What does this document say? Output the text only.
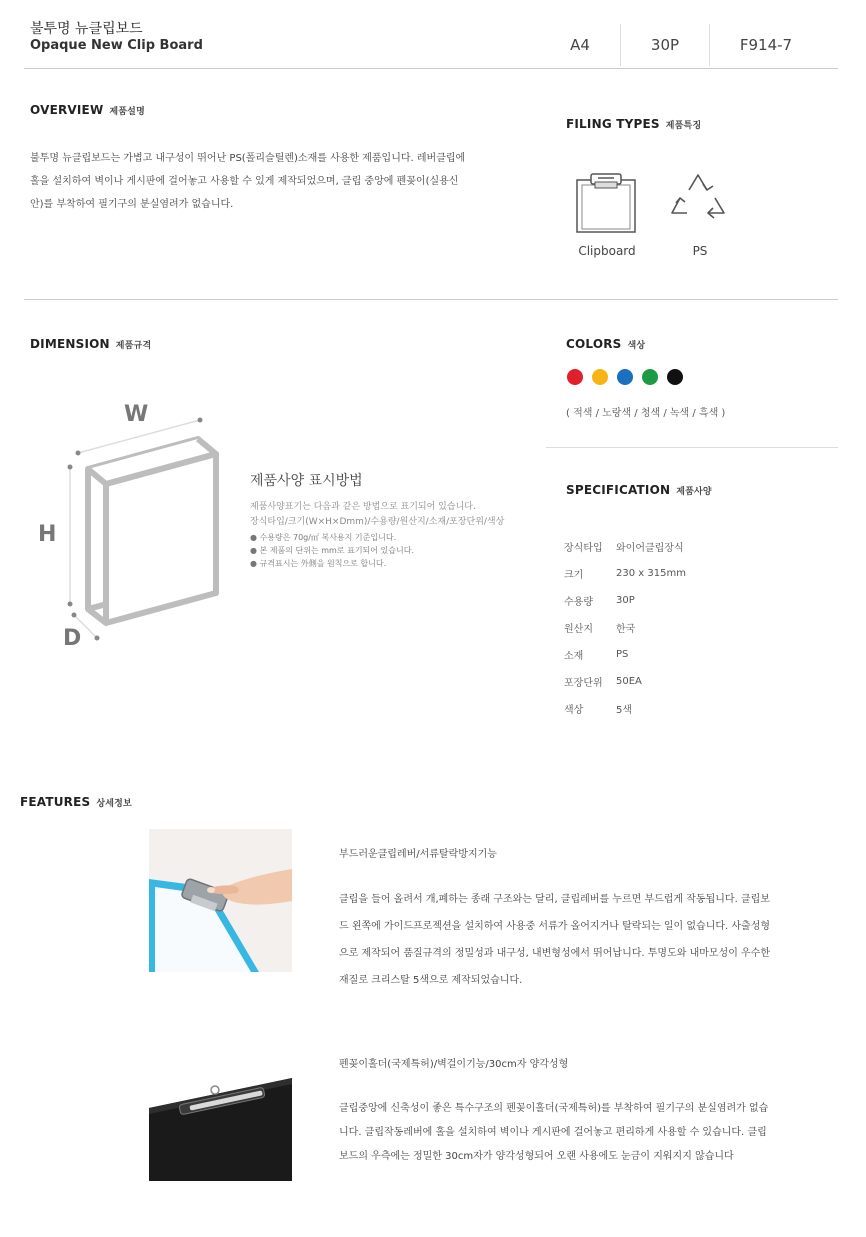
불투명 뉴클립보드
Opaque New Clip Board	A4	30P	F914-7
OVERVIEW 제품설명
불투명 뉴클립보드는 가볍고 내구성이 뛰어난 PS(폴리슬틸렌)소재를 사용한 제품입니다. 레버클립에
홀을 설치하여 벽이나 게시판에 걸어놓고 사용할 수 있게 제작되었으며, 클립 중앙에 펜꽂이(실용신
안)를 부착하여 필기구의 분실염려가 없습니다.
FILING TYPES 제품특징
Clipboard	PS
DIMENSION 제품규격
W
H
D
제품사양 표시방법
제품사양표기는 다음과 같은 방법으로 표기되어 있습니다.
장식타입/크기(W×H×Dmm)/수용량/원산지/소재/포장단위/색상
● 수용량은 70g/㎡ 복사용지 기준입니다.
● 본 제품의 단위는 mm로 표기되어 있습니다.
● 규격표시는 外側을 원칙으로 합니다.
COLORS 색상
( 적색 / 노랑색 / 청색 / 녹색 / 흑색 )
SPECIFICATION 제품사양
장식타입	와이어클립장식
크기	230 x 315mm
수용량	30P
원산지	한국
소재	PS
포장단위	50EA
색상	5색
FEATURES 상세정보
부드러운클립레버/서류탈락방지기능
클립을 들어 올려서 개,폐하는 종래 구조와는 달리, 클립레버를 누르면 부드럽게 작동됩니다. 클립보
드 왼쪽에 가이드프로젝션을 설치하여 사용중 서류가 올어지거나 탈락되는 일이 없습니다. 사출성형
으로 제작되어 품질규격의 정밀성과 내구성, 내변형성에서 뛰어납니다. 투명도와 내마모성이 우수한
재질로 크리스탈 5색으로 제작되었습니다.
펜꽂이홀더(국제특허)/벽걸이기능/30cm자 양각성형
클립중앙에 신축성이 좋은 특수구조의 펜꽂이홀더(국제특허)를 부착하여 필기구의 분실염려가 없습
니다. 클립작동레버에 홀을 설치하여 벽이나 게시판에 걸어놓고 편리하게 사용할 수 있습니다. 클립
보드의 우측에는 정밀한 30cm자가 양각성형되어 오랜 사용에도 눈금이 지워지지 않습니다
